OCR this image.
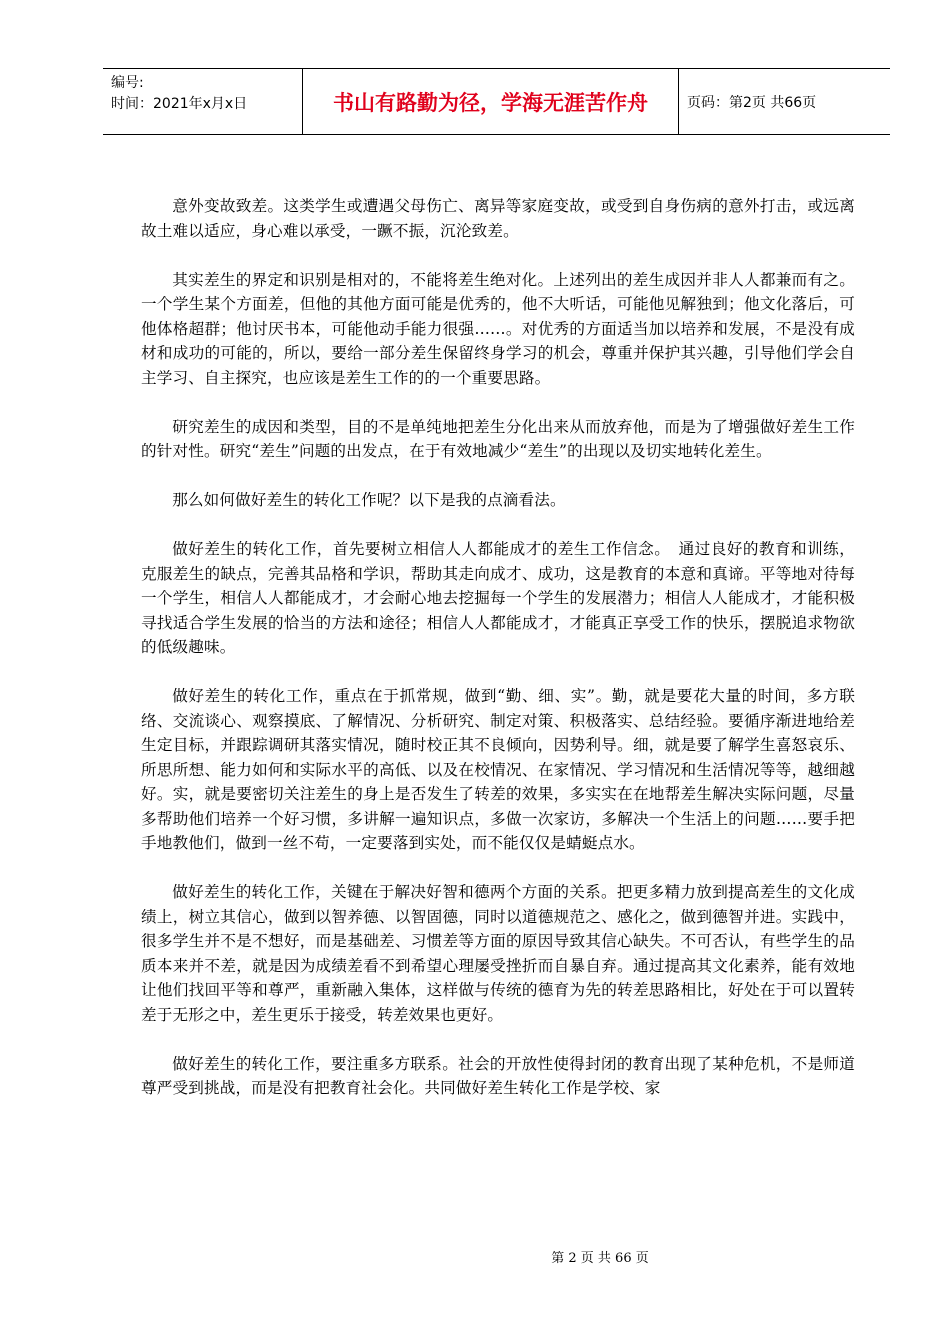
编号:
时间：2021年x月x日	书山有路勤为径，学海无涯苦作舟	页码：第2页 共66页

意外变故致差。这类学生或遭遇父母伤亡、离异等家庭变故，或受到自身伤病的意外打击，或远离故土难以适应，身心难以承受，一蹶不振，沉沦致差。

其实差生的界定和识别是相对的，不能将差生绝对化。上述列出的差生成因并非人人都兼而有之。一个学生某个方面差，但他的其他方面可能是优秀的，他不大听话，可能他见解独到；他文化落后，可他体格超群；他讨厌书本，可能他动手能力很强……。对优秀的方面适当加以培养和发展，不是没有成材和成功的可能的，所以，要给一部分差生保留终身学习的机会，尊重并保护其兴趣，引导他们学会自主学习、自主探究，也应该是差生工作的的一个重要思路。

研究差生的成因和类型，目的不是单纯地把差生分化出来从而放弃他，而是为了增强做好差生工作的针对性。研究“差生”问题的出发点，在于有效地减少“差生”的出现以及切实地转化差生。

那么如何做好差生的转化工作呢？以下是我的点滴看法。

做好差生的转化工作，首先要树立相信人人都能成才的差生工作信念。　通过良好的教育和训练，克服差生的缺点，完善其品格和学识，帮助其走向成才、成功，这是教育的本意和真谛。平等地对待每一个学生，相信人人都能成才，才会耐心地去挖掘每一个学生的发展潜力；相信人人能成才，才能积极寻找适合学生发展的恰当的方法和途径；相信人人都能成才，才能真正享受工作的快乐，摆脱追求物欲的低级趣味。

做好差生的转化工作，重点在于抓常规，做到“勤、细、实”。勤，就是要花大量的时间，多方联络、交流谈心、观察摸底、了解情况、分析研究、制定对策、积极落实、总结经验。要循序渐进地给差生定目标，并跟踪调研其落实情况，随时校正其不良倾向，因势利导。细，就是要了解学生喜怒哀乐、所思所想、能力如何和实际水平的高低、以及在校情况、在家情况、学习情况和生活情况等等，越细越好。实，就是要密切关注差生的身上是否发生了转差的效果，多实实在在地帮差生解决实际问题，尽量多帮助他们培养一个好习惯，多讲解一遍知识点，多做一次家访，多解决一个生活上的问题……要手把手地教他们，做到一丝不苟，一定要落到实处，而不能仅仅是蜻蜓点水。

做好差生的转化工作，关键在于解决好智和德两个方面的关系。把更多精力放到提高差生的文化成绩上，树立其信心，做到以智养德、以智固德，同时以道德规范之、感化之，做到德智并进。实践中，很多学生并不是不想好，而是基础差、习惯差等方面的原因导致其信心缺失。不可否认，有些学生的品质本来并不差，就是因为成绩差看不到希望心理屡受挫折而自暴自弃。通过提高其文化素养，能有效地让他们找回平等和尊严，重新融入集体，这样做与传统的德育为先的转差思路相比，好处在于可以置转差于无形之中，差生更乐于接受，转差效果也更好。

做好差生的转化工作，要注重多方联系。社会的开放性使得封闭的教育出现了某种危机，不是师道尊严受到挑战，而是没有把教育社会化。共同做好差生转化工作是学校、家

第 2 页 共 66 页
